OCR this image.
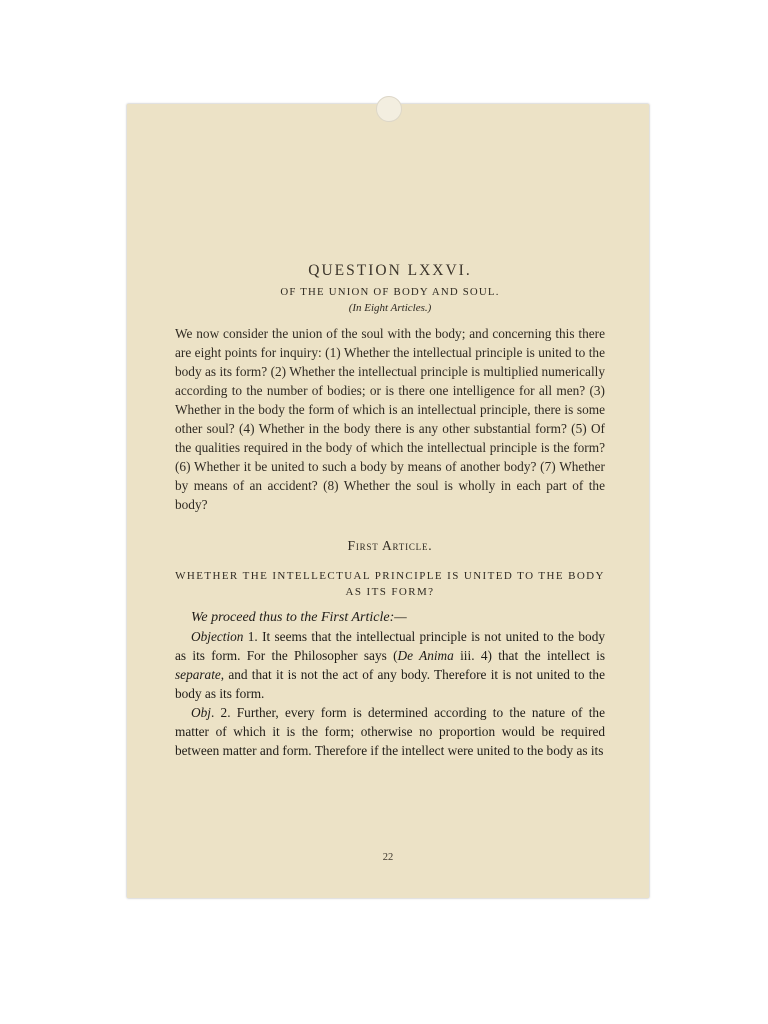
QUESTION LXXVI.
OF THE UNION OF BODY AND SOUL.
(In Eight Articles.)

We now consider the union of the soul with the body; and concerning this there are eight points for inquiry: (1) Whether the intellectual principle is united to the body as its form? (2) Whether the intellectual principle is multiplied numerically according to the number of bodies; or is there one intelligence for all men? (3) Whether in the body the form of which is an intellectual principle, there is some other soul? (4) Whether in the body there is any other substantial form? (5) Of the qualities required in the body of which the intellectual principle is the form? (6) Whether it be united to such a body by means of another body? (7) Whether by means of an accident? (8) Whether the soul is wholly in each part of the body?

First Article.
WHETHER THE INTELLECTUAL PRINCIPLE IS UNITED TO THE BODY AS ITS FORM?

We proceed thus to the First Article:—

Objection 1. It seems that the intellectual principle is not united to the body as its form. For the Philosopher says (De Anima iii. 4) that the intellect is separate, and that it is not the act of any body. Therefore it is not united to the body as its form.

Obj. 2. Further, every form is determined according to the nature of the matter of which it is the form; otherwise no proportion would be required between matter and form. Therefore if the intellect were united to the body as its

22
